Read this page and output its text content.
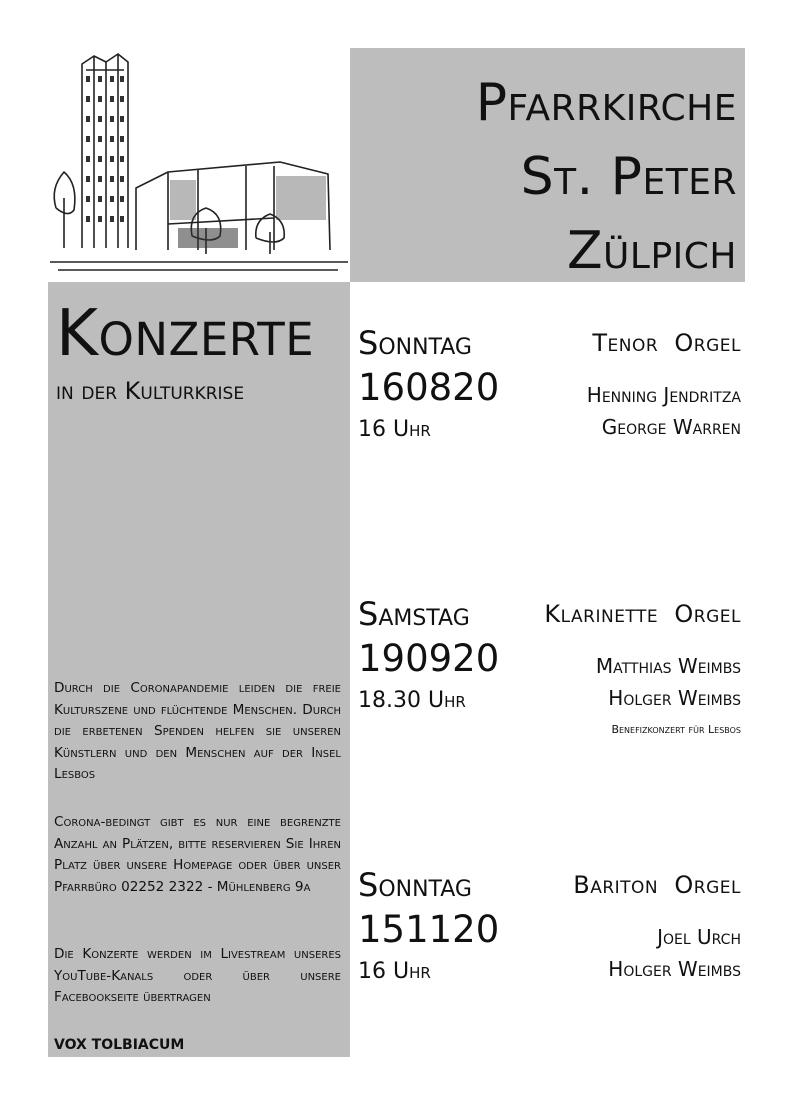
Pfarrkirche
St. Peter
Zülpich
Konzerte
in der Kulturkrise

Durch die Coronapandemie leiden die freie Kulturszene und flüchtende Menschen. Durch die erbetenen Spenden helfen sie unseren Künstlern und den Menschen auf der Insel Lesbos

Corona-bedingt gibt es nur eine begrenzte Anzahl an Plätzen, bitte reservieren Sie Ihren Platz über unsere Homepage oder über unser Pfarrbüro 02252 2322 - Mühlenberg 9a

Die Konzerte werden im Livestream unseres YouTube-Kanals oder über unsere Facebookseite übertragen

VOX TOLBIACUM
Sonntag
160820
16 Uhr
Tenor  Orgel
Henning Jendritza
George Warren
Samstag
190920
18.30 Uhr
Klarinette  Orgel
Matthias Weimbs
Holger Weimbs
Benefizkonzert für Lesbos
Sonntag
151120
16 Uhr
Bariton  Orgel
Joel Urch
Holger Weimbs
